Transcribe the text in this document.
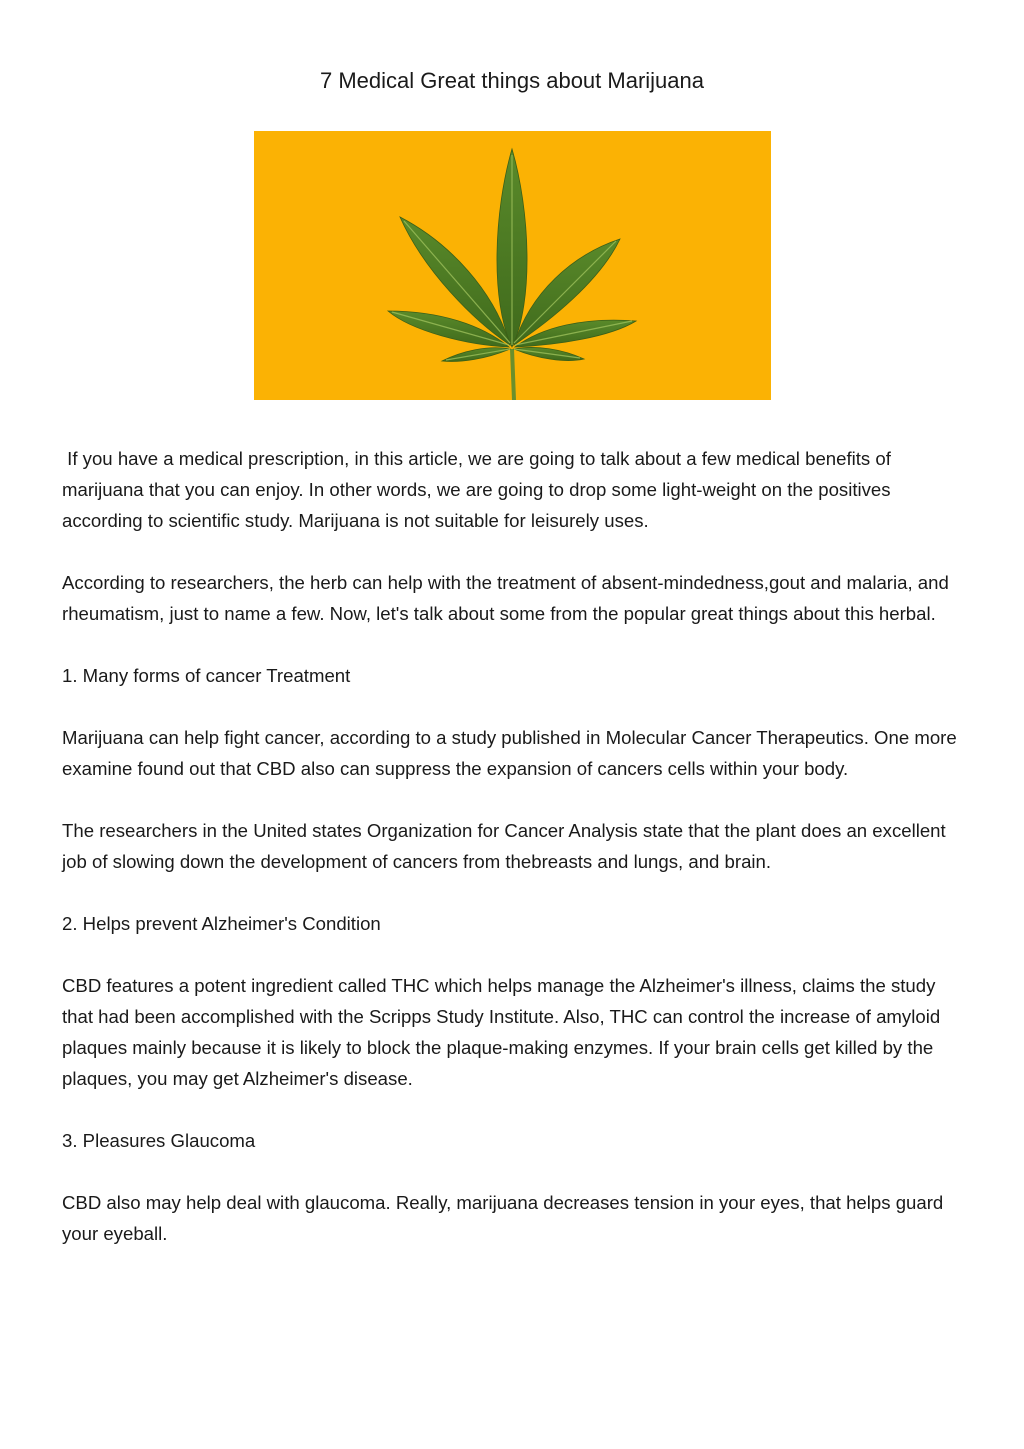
7 Medical Great things about Marijuana

If you have a medical prescription, in this article, we are going to talk about a few medical benefits of marijuana that you can enjoy. In other words, we are going to drop some light-weight on the positives according to scientific study. Marijuana is not suitable for leisurely uses.

According to researchers, the herb can help with the treatment of absent-mindedness,gout and malaria, and rheumatism, just to name a few. Now, let's talk about some from the popular great things about this herbal.

1. Many forms of cancer Treatment

Marijuana can help fight cancer, according to a study published in Molecular Cancer Therapeutics. One more examine found out that CBD also can suppress the expansion of cancers cells within your body.

The researchers in the United states Organization for Cancer Analysis state that the plant does an excellent job of slowing down the development of cancers from thebreasts and lungs, and brain.

2. Helps prevent Alzheimer's Condition

CBD features a potent ingredient called THC which helps manage the Alzheimer's illness, claims the study that had been accomplished with the Scripps Study Institute. Also, THC can control the increase of amyloid plaques mainly because it is likely to block the plaque-making enzymes. If your brain cells get killed by the plaques, you may get Alzheimer's disease.

3. Pleasures Glaucoma

CBD also may help deal with glaucoma. Really, marijuana decreases tension in your eyes, that helps guard your eyeball.
